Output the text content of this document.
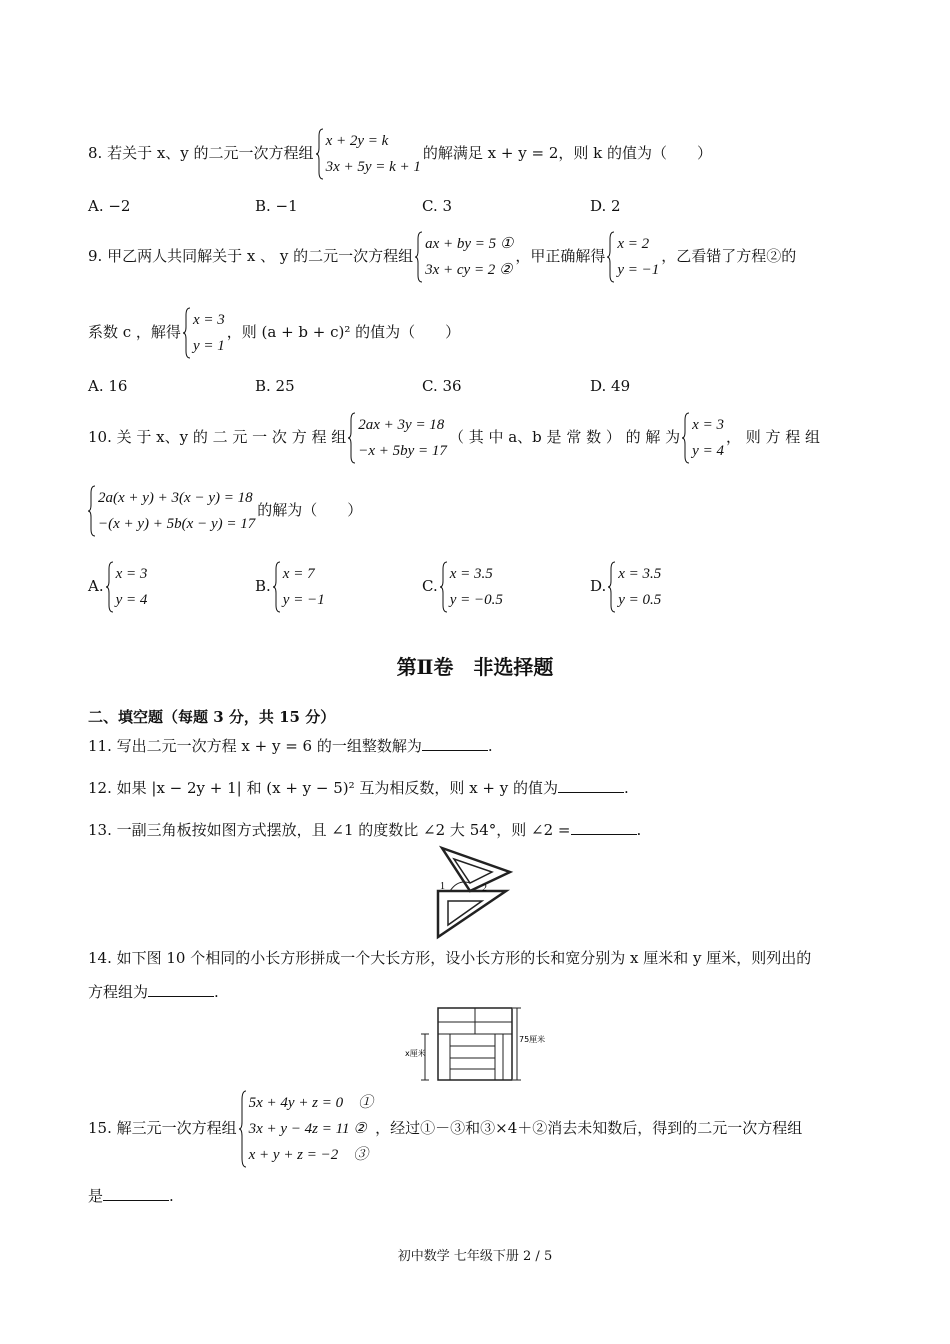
8. 若关于 x、y 的二元一次方程组
x + 2y = k
3x + 5y = k + 1
的解满足 x + y = 2，则 k 的值为（　　）
A. −2	B. −1	C. 3	D. 2
9. 甲乙两人共同解关于 x 、 y 的二元一次方程组
ax + by = 5 ①
3x + cy = 2 ②
，甲正确解得
x = 2
y = −1
，乙看错了方程②的
系数 c ，解得
x = 3
y = 1
，则 (a + b + c)² 的值为（　　）
A. 16	B. 25	C. 36	D. 49
10. 关 于 x、y 的 二 元 一 次 方 程 组
2ax + 3y = 18
−x + 5by = 17
（ 其 中 a、b 是 常 数 ） 的 解 为
x = 3
y = 4
， 则 方 程 组
2a(x + y) + 3(x − y) = 18
−(x + y) + 5b(x − y) = 17
的解为（　　）
A.
x = 3
y = 4
B.
x = 7
y = −1
C.
x = 3.5
y = −0.5
D.
x = 3.5
y = 0.5
第Ⅱ卷　非选择题
二、填空题（每题 3 分，共 15 分）
11. 写出二元一次方程 x + y = 6 的一组整数解为	.
12. 如果 |x − 2y + 1| 和 (x + y − 5)² 互为相反数，则 x + y 的值为	.
13. 一副三角板按如图方式摆放，且 ∠1 的度数比 ∠2 大 54°，则 ∠2 =	.
1	2
14. 如下图 10 个相同的小长方形拼成一个大长方形，设小长方形的长和宽分别为 x 厘米和 y 厘米，则列出的
方程组为	.
x厘米
75厘米
15. 解三元一次方程组
5x + 4y + z = 0　①
3x + y − 4z = 11 ②
x + y + z = −2　③
，经过①－③和③×4＋②消去未知数后，得到的二元一次方程组
是	.
初中数学 七年级下册 2 / 5
